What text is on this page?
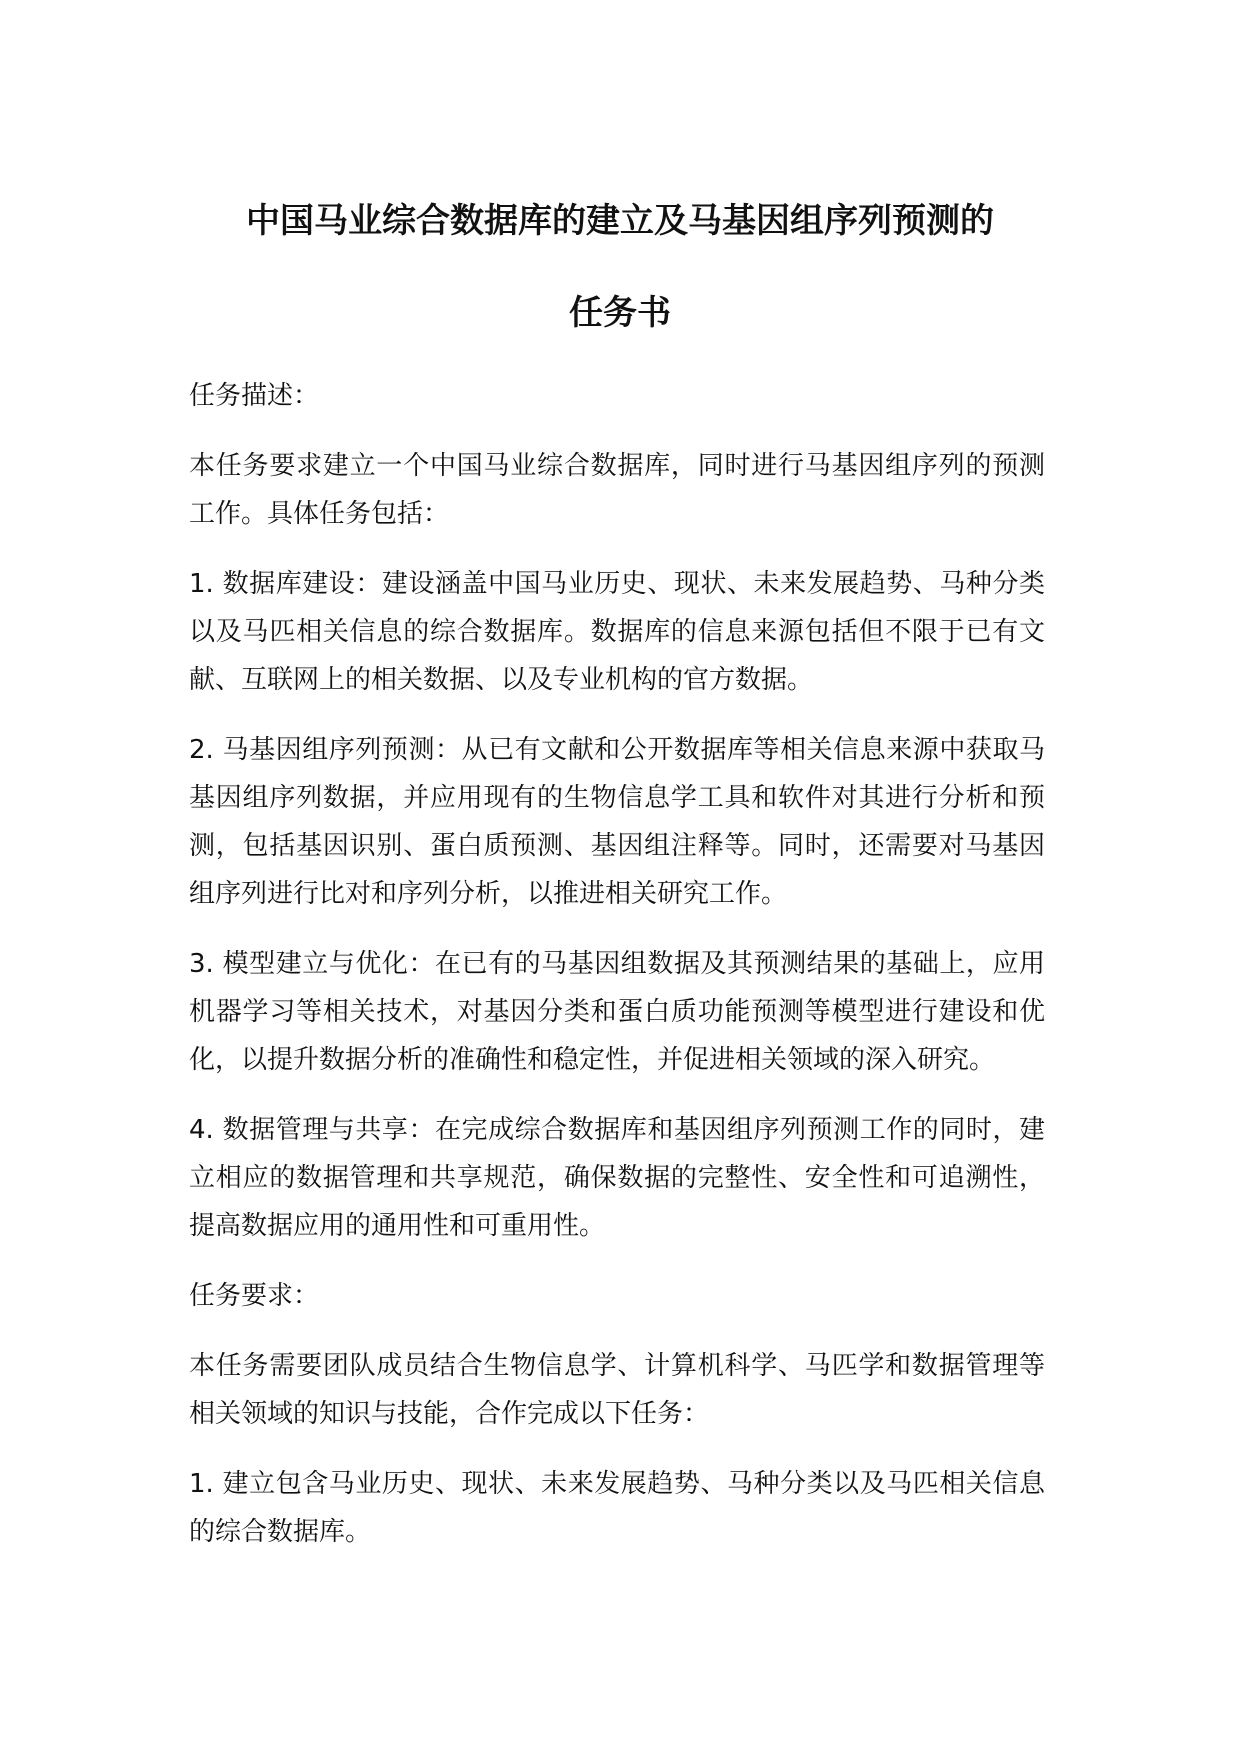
中国马业综合数据库的建立及马基因组序列预测的
任务书
任务描述：
本任务要求建立一个中国马业综合数据库，同时进行马基因组序列的预测工作。具体任务包括：
1. 数据库建设：建设涵盖中国马业历史、现状、未来发展趋势、马种分类以及马匹相关信息的综合数据库。数据库的信息来源包括但不限于已有文献、互联网上的相关数据、以及专业机构的官方数据。
2. 马基因组序列预测：从已有文献和公开数据库等相关信息来源中获取马基因组序列数据，并应用现有的生物信息学工具和软件对其进行分析和预测，包括基因识别、蛋白质预测、基因组注释等。同时，还需要对马基因组序列进行比对和序列分析，以推进相关研究工作。
3. 模型建立与优化：在已有的马基因组数据及其预测结果的基础上，应用机器学习等相关技术，对基因分类和蛋白质功能预测等模型进行建设和优化，以提升数据分析的准确性和稳定性，并促进相关领域的深入研究。
4. 数据管理与共享：在完成综合数据库和基因组序列预测工作的同时，建立相应的数据管理和共享规范，确保数据的完整性、安全性和可追溯性，提高数据应用的通用性和可重用性。
任务要求：
本任务需要团队成员结合生物信息学、计算机科学、马匹学和数据管理等相关领域的知识与技能，合作完成以下任务：
1. 建立包含马业历史、现状、未来发展趋势、马种分类以及马匹相关信息的综合数据库。
